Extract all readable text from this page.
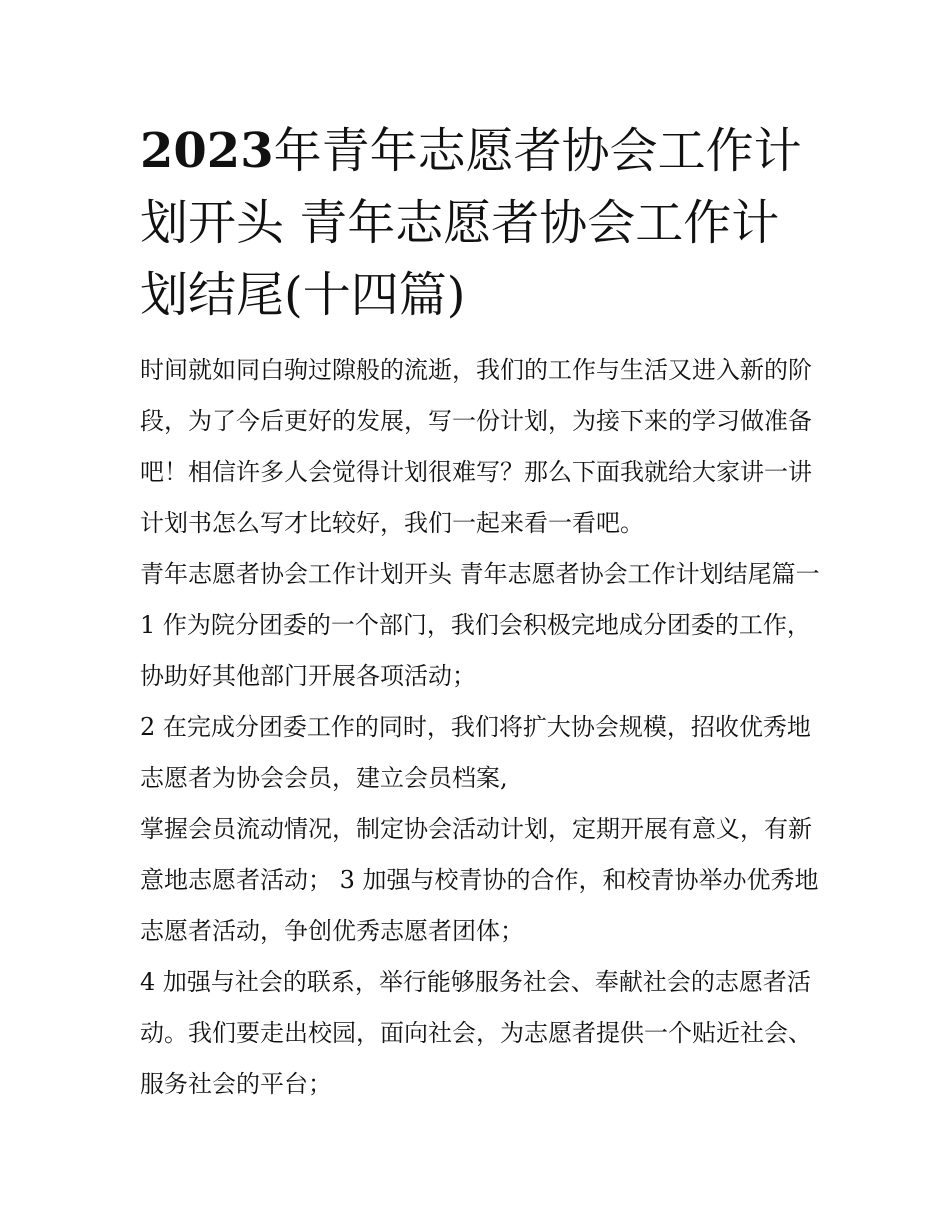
2023年青年志愿者协会工作计划开头 青年志愿者协会工作计划结尾(十四篇)

时间就如同白驹过隙般的流逝，我们的工作与生活又进入新的阶段，为了今后更好的发展，写一份计划，为接下来的学习做准备吧！相信许多人会觉得计划很难写？那么下面我就给大家讲一讲计划书怎么写才比较好，我们一起来看一看吧。

青年志愿者协会工作计划开头 青年志愿者协会工作计划结尾篇一 1 作为院分团委的一个部门，我们会积极完地成分团委的工作，协助好其他部门开展各项活动；

2 在完成分团委工作的同时，我们将扩大协会规模，招收优秀地志愿者为协会会员，建立会员档案,

掌握会员流动情况，制定协会活动计划，定期开展有意义，有新意地志愿者活动； 3 加强与校青协的合作，和校青协举办优秀地志愿者活动，争创优秀志愿者团体；

4 加强与社会的联系，举行能够服务社会、奉献社会的志愿者活动。我们要走出校园，面向社会，为志愿者提供一个贴近社会、服务社会的平台；
